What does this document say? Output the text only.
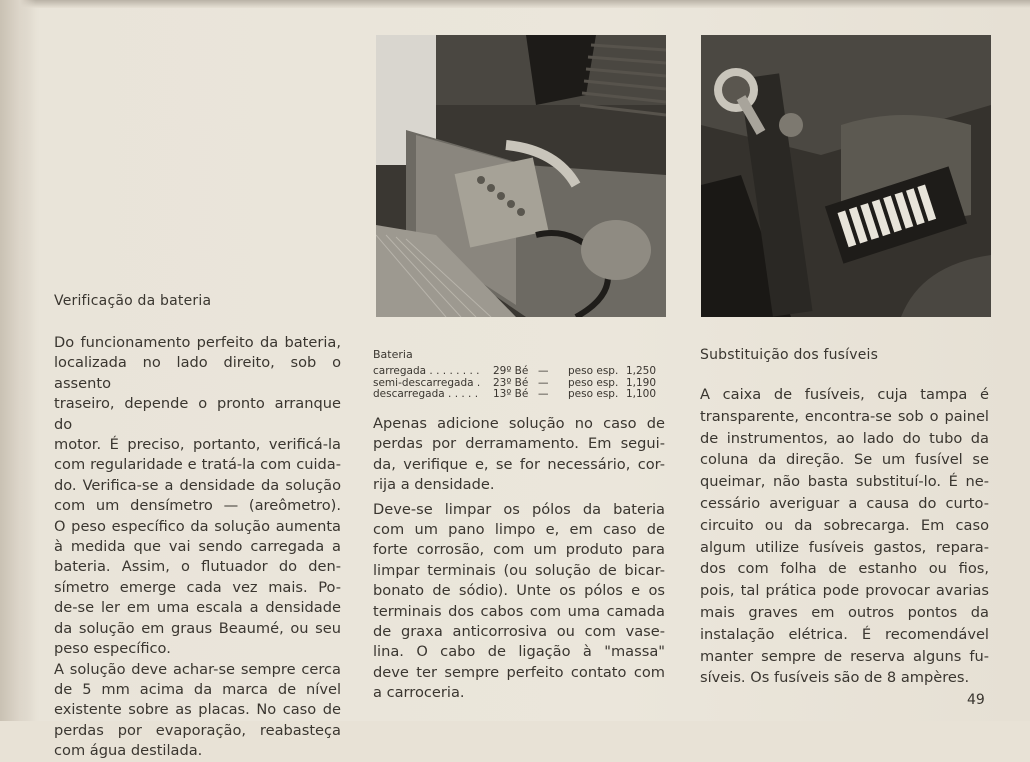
Verificação da bateria
Do funcionamento perfeito da bateria,
localizada no lado direito, sob o assento
traseiro, depende o pronto arranque do
motor. É preciso, portanto, verificá-la
com regularidade e tratá-la com cuida-
do. Verifica-se a densidade da solução
com um densímetro — (areômetro).
O peso específico da solução aumenta
à medida que vai sendo carregada a
bateria. Assim, o flutuador do den-
símetro emerge cada vez mais. Po-
de-se ler em uma escala a densidade
da solução em graus Beaumé, ou seu
peso específico.
A solução deve achar-se sempre cerca
de 5 mm acima da marca de nível
existente sobre as placas. No caso de
perdas por evaporação, reabasteça
com água destilada.
Bateria
carregada . . . . . . . .	29º Bé —	peso esp. 1,250
semi-descarregada .	23º Bé —	peso esp. 1,190
descarregada . . . . .	13º Bé —	peso esp. 1,100
Apenas adicione solução no caso de
perdas por derramamento. Em segui-
da, verifique e, se for necessário, cor-
rija a densidade.
Deve-se limpar os pólos da bateria
com um pano limpo e, em caso de
forte corrosão, com um produto para
limpar terminais (ou solução de bicar-
bonato de sódio). Unte os pólos e os
terminais dos cabos com uma camada
de graxa anticorrosiva ou com vase-
lina. O cabo de ligação à "massa"
deve ter sempre perfeito contato com
a carroceria.
Substituição dos fusíveis
A caixa de fusíveis, cuja tampa é
transparente, encontra-se sob o painel
de instrumentos, ao lado do tubo da
coluna da direção. Se um fusível se
queimar, não basta substituí-lo. É ne-
cessário averiguar a causa do curto-
circuito ou da sobrecarga. Em caso
algum utilize fusíveis gastos, repara-
dos com folha de estanho ou fios,
pois, tal prática pode provocar avarias
mais graves em outros pontos da
instalação elétrica. É recomendável
manter sempre de reserva alguns fu-
síveis. Os fusíveis são de 8 ampères.
49
